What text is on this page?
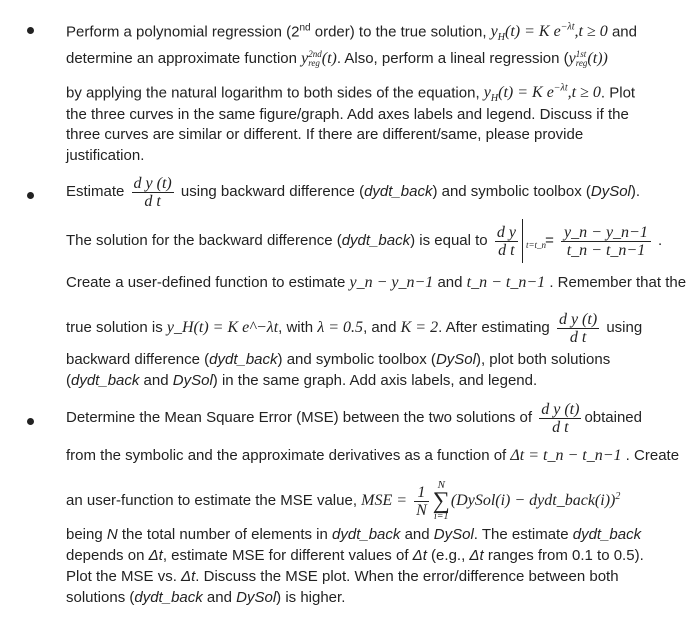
Perform a polynomial regression (2nd order) to the true solution, $y_H(t) = K$ $e^{-\lambda t},t \ge 0$ and
determine an approximate function y 2nd
reg (t). Also, perform a lineal regression (y 1st
reg (t))
by applying the natural logarithm to both sides of the equation, $y_H(t) = K$ $e^{-\lambda t},t \ge 0$. Plot
the three curves in the same figure/graph. Add axes labels and legend. Discuss if the
three curves are similar or different. If there are different/same, please provide
justification.
Estimate $\frac{\text{d y (t)}}{\text{d t}}$ using backward difference (dydt_back) and symbolic toolbox (DySol).
The solution for the backward difference (dydt_back) is equal to $\frac{\text{d y}}{\text{d t}}$ t=t_n
= $\frac{y\_n - y\_n-1}{t\_n - t\_n-1}$ .
Create a user-defined function to estimate y_n − y_n−1 and t_n − t_n−1 . Remember that the
true solution is y_H(t) = K e^−λt, with λ = 0.5, and K = 2. After estimating $\frac{\text{d y (t)}}{\text{d t}}$ using
backward difference (dydt_back) and symbolic toolbox (DySol), plot both solutions
(dydt_back and DySol) in the same graph. Add axis labels, and legend.
Determine the Mean Square Error (MSE) between the two solutions of $\frac{\text{d y (t)}}{\text{d t}}$ obtained
from the symbolic and the approximate derivatives as a function of Δt = t_n − t_n−1 . Create
an user-function to estimate the MSE value, MSE = $\frac{1}{N}$ N
∑
i=1
(DySol(i) − dydt_back(i))$^2$
being N the total number of elements in dydt_back and DySol. The estimate dydt_back
depends on Δt, estimate MSE for different values of Δt (e.g., Δt ranges from 0.1 to 0.5).
Plot the MSE vs. Δt. Discuss the MSE plot. When the error/difference between both
solutions (dydt_back and DySol) is higher.
